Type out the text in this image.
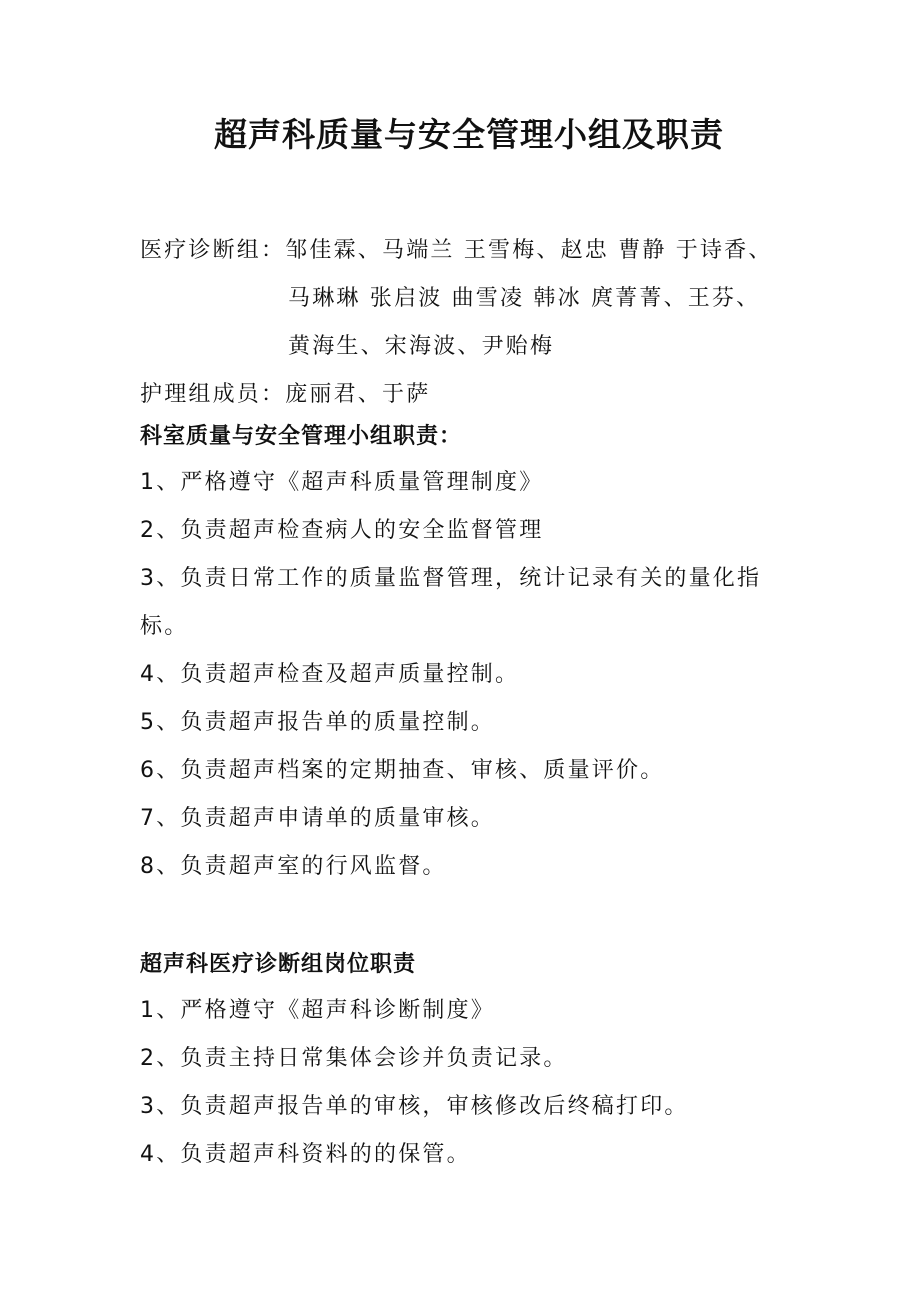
超声科质量与安全管理小组及职责
医疗诊断组：邹佳霖、马端兰 王雪梅、赵忠 曹静 于诗香、
马琳琳 张启波 曲雪凌 韩冰 庹菁菁、王芬、
黄海生、宋海波、尹贻梅
护理组成员：庞丽君、于萨
科室质量与安全管理小组职责：
1、严格遵守《超声科质量管理制度》
2、负责超声检查病人的安全监督管理
3、负责日常工作的质量监督管理，统计记录有关的量化指
标。
4、负责超声检查及超声质量控制。
5、负责超声报告单的质量控制。
6、负责超声档案的定期抽查、审核、质量评价。
7、负责超声申请单的质量审核。
8、负责超声室的行风监督。
超声科医疗诊断组岗位职责
1、严格遵守《超声科诊断制度》
2、负责主持日常集体会诊并负责记录。
3、负责超声报告单的审核，审核修改后终稿打印。
4、负责超声科资料的的保管。
